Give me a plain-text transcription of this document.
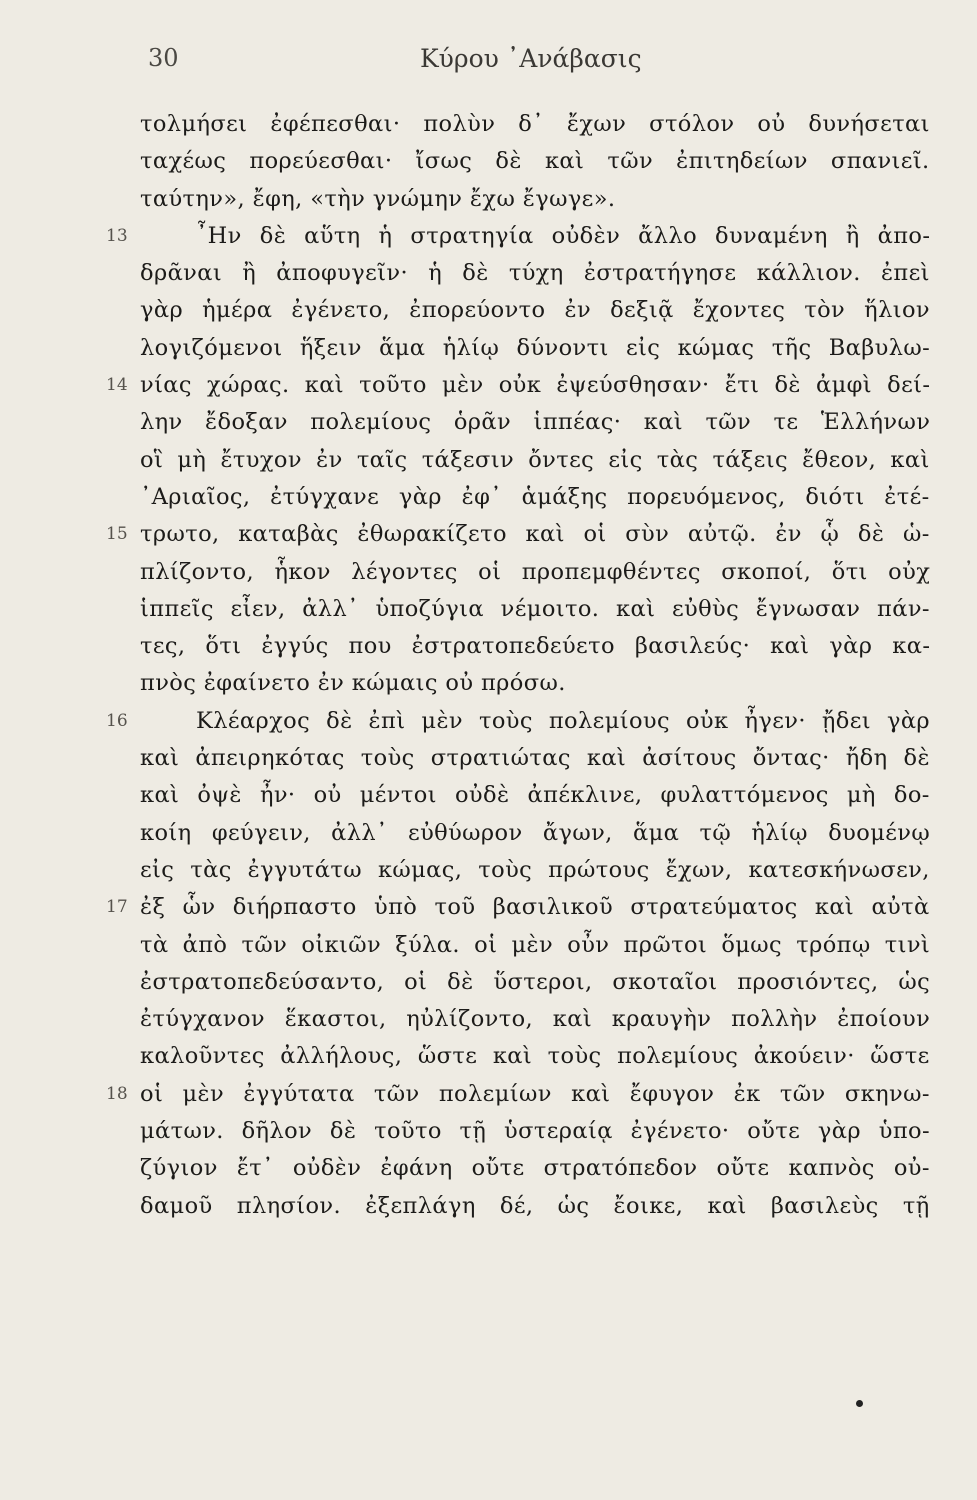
30	Κύρου ᾿Ανάβασις
τολμήσει ἐφέπεσθαι· πολὺν δ᾿ ἔχων στόλον οὐ δυνήσεται
ταχέως πορεύεσθαι· ἴσως δὲ καὶ τῶν ἐπιτηδείων σπανιεῖ.
ταύτην», ἔφη, «τὴν γνώμην ἔχω ἔγωγε».
13	῏Ην δὲ αὕτη ἡ στρατηγία οὐδὲν ἄλλο δυναμένη ἢ ἀπο-
δρᾶναι ἢ ἀποφυγεῖν· ἡ δὲ τύχη ἐστρατήγησε κάλλιον. ἐπεὶ
γὰρ ἡμέρα ἐγένετο, ἐπορεύοντο ἐν δεξιᾷ ἔχοντες τὸν ἥλιον
λογιζόμενοι ἥξειν ἅμα ἡλίῳ δύνοντι εἰς κώμας τῆς Βαβυλω-
14 νίας χώρας. καὶ τοῦτο μὲν οὐκ ἐψεύσθησαν· ἔτι δὲ ἀμφὶ δεί-
λην ἔδοξαν πολεμίους ὁρᾶν ἱππέας· καὶ τῶν τε Ἑλλήνων
οἳ μὴ ἔτυχον ἐν ταῖς τάξεσιν ὄντες εἰς τὰς τάξεις ἔθεον, καὶ
᾿Αριαῖος, ἐτύγχανε γὰρ ἐφ᾿ ἁμάξης πορευόμενος, διότι ἐτέ-
15 τρωτο, καταβὰς ἐθωρακίζετο καὶ οἱ σὺν αὐτῷ. ἐν ᾧ δὲ ὡ-
πλίζοντο, ἧκον λέγοντες οἱ προπεμφθέντες σκοποί, ὅτι οὐχ
ἱππεῖς εἶεν, ἀλλ᾿ ὑποζύγια νέμοιτο. καὶ εὐθὺς ἔγνωσαν πάν-
τες, ὅτι ἐγγύς που ἐστρατοπεδεύετο βασιλεύς· καὶ γὰρ κα-
πνὸς ἐφαίνετο ἐν κώμαις οὐ πρόσω.
16	Κλέαρχος δὲ ἐπὶ μὲν τοὺς πολεμίους οὐκ ἦγεν· ᾔδει γὰρ
καὶ ἀπειρηκότας τοὺς στρατιώτας καὶ ἀσίτους ὄντας· ἤδη δὲ
καὶ ὀψὲ ἦν· οὐ μέντοι οὐδὲ ἀπέκλινε, φυλαττόμενος μὴ δο-
κοίη φεύγειν, ἀλλ᾿ εὐθύωρον ἄγων, ἅμα τῷ ἡλίῳ δυομένῳ
εἰς τὰς ἐγγυτάτω κώμας, τοὺς πρώτους ἔχων, κατεσκήνωσεν,
17 ἐξ ὧν διήρπαστο ὑπὸ τοῦ βασιλικοῦ στρατεύματος καὶ αὐτὰ
τὰ ἀπὸ τῶν οἰκιῶν ξύλα. οἱ μὲν οὖν πρῶτοι ὅμως τρόπῳ τινὶ
ἐστρατοπεδεύσαντο, οἱ δὲ ὕστεροι, σκοταῖοι προσιόντες, ὡς
ἐτύγχανον ἕκαστοι, ηὐλίζοντο, καὶ κραυγὴν πολλὴν ἐποίουν
καλοῦντες ἀλλήλους, ὥστε καὶ τοὺς πολεμίους ἀκούειν· ὥστε
18 οἱ μὲν ἐγγύτατα τῶν πολεμίων καὶ ἔφυγον ἐκ τῶν σκηνω-
μάτων. δῆλον δὲ τοῦτο τῇ ὑστεραίᾳ ἐγένετο· οὔτε γὰρ ὑπο-
ζύγιον ἔτ᾿ οὐδὲν ἐφάνη οὔτε στρατόπεδον οὔτε καπνὸς οὐ-
δαμοῦ πλησίον. ἐξεπλάγη δέ, ὡς ἔοικε, καὶ βασιλεὺς τῇ
